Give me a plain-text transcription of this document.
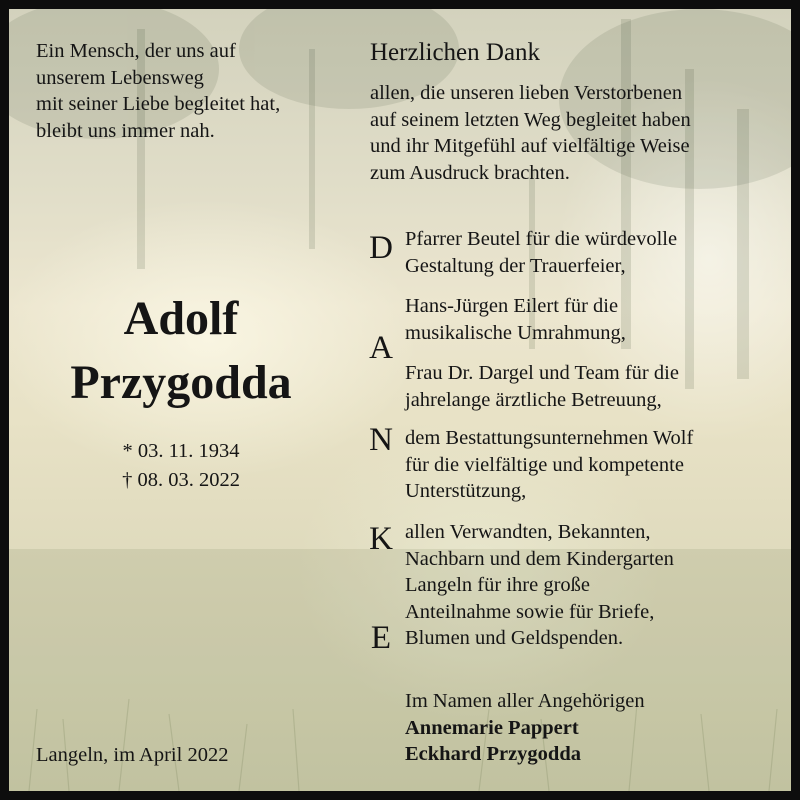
Ein Mensch, der uns auf
unserem Lebensweg
mit seiner Liebe begleitet hat,
bleibt uns immer nah.

Herzlichen Dank

allen, die unseren lieben Verstorbenen
auf seinem letzten Weg begleitet haben
und ihr Mitgefühl auf vielfältige Weise
zum Ausdruck brachten.

Adolf
Przygodda
* 03. 11. 1934
† 08. 03. 2022
D
A
N
K
E

Pfarrer Beutel für die würdevolle
Gestaltung der Trauerfeier,

Hans-Jürgen Eilert für die
musikalische Umrahmung,

Frau Dr. Dargel und Team für die
jahrelange ärztliche Betreuung,

dem Bestattungsunternehmen Wolf
für die vielfältige und kompetente
Unterstützung,

allen Verwandten, Bekannten,
Nachbarn und dem Kindergarten
Langeln für ihre große
Anteilnahme sowie für Briefe,
Blumen und Geldspenden.

Langeln, im April 2022

Im Namen aller Angehörigen
Annemarie Pappert
Eckhard Przygodda
